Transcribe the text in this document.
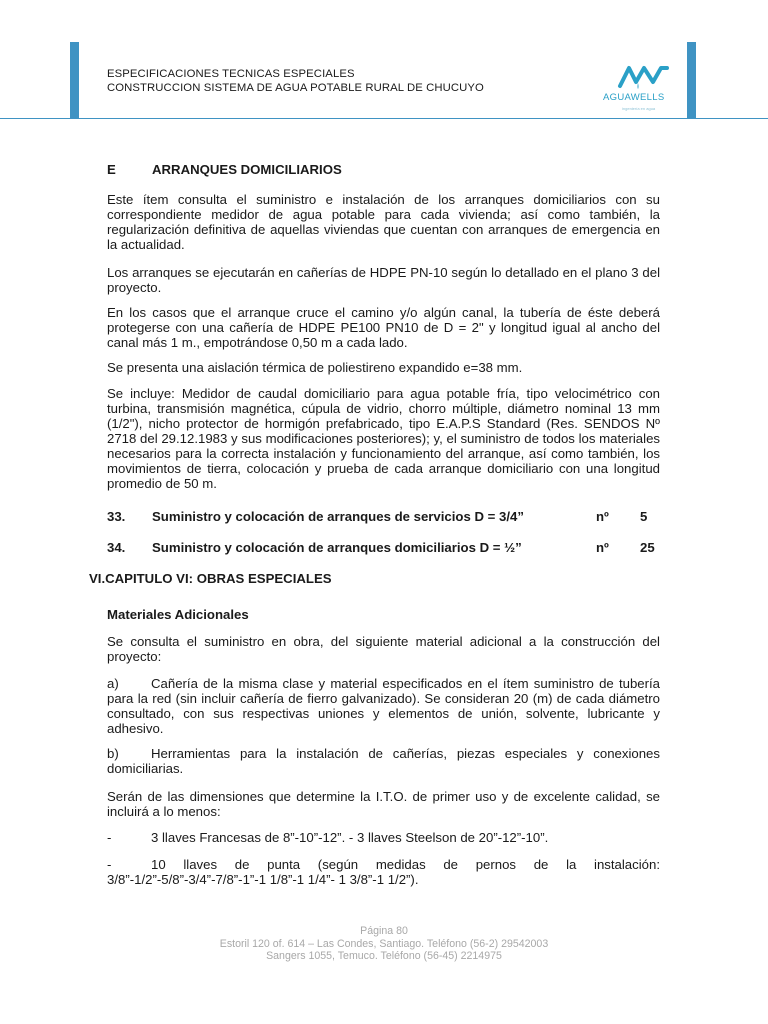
ESPECIFICACIONES TECNICAS ESPECIALES
CONSTRUCCION SISTEMA DE AGUA POTABLE RURAL DE CHUCUYO
AGUAWELLS
ingeniería en agua
E	ARRANQUES DOMICILIARIOS

Este ítem consulta el suministro e instalación de los arranques domiciliarios con su correspondiente medidor de agua potable para cada vivienda; así como también, la regularización definitiva de aquellas viviendas que cuentan con arranques de emergencia en la actualidad.

Los arranques se ejecutarán en cañerías de HDPE PN-10 según lo detallado en el plano 3 del proyecto.

En los casos que el arranque cruce el camino y/o algún canal, la tubería de éste deberá protegerse con una cañería de HDPE PE100 PN10 de D = 2" y longitud igual al ancho del canal más 1 m., empotrándose 0,50 m a cada lado.

Se presenta una aislación térmica de poliestireno expandido e=38 mm.

Se incluye: Medidor de caudal domiciliario para agua potable fría, tipo velocimétrico con turbina, transmisión magnética, cúpula de vidrio, chorro múltiple, diámetro nominal 13 mm (1/2"), nicho protector de hormigón prefabricado, tipo E.A.P.S Standard (Res. SENDOS Nº 2718 del 29.12.1983 y sus modificaciones posteriores); y, el suministro de todos los materiales necesarios para la correcta instalación y funcionamiento del arranque, así como también, los movimientos de tierra, colocación y prueba de cada arranque domiciliario con una longitud promedio de 50 m.

33. Suministro y colocación de arranques de servicios D = 3/4”	nº 5
34. Suministro y colocación de arranques domiciliarios D = ½”	nº 25
VI.CAPITULO VI: OBRAS ESPECIALES
Materiales Adicionales

Se consulta el suministro en obra, del siguiente material adicional a la construcción del proyecto:

a)	Cañería de la misma clase y material especificados en el ítem suministro de tubería para la red (sin incluir cañería de fierro galvanizado). Se consideran 20 (m) de cada diámetro consultado, con sus respectivas uniones y elementos de unión, solvente, lubricante y adhesivo.

b)	Herramientas para la instalación de cañerías, piezas especiales y conexiones domiciliarias.

Serán de las dimensiones que determine la I.T.O. de primer uso y de excelente calidad, se incluirá a lo menos:

-	3 llaves Francesas de 8”-10”-12”. - 3 llaves Steelson de 20”-12”-10”.

-	10 llaves de punta (según medidas de pernos de la instalación: 3/8”-1/2”-5/8”-3/4”-7/8”-1”-1 1/8”-1 1/4”- 1 3/8”-1 1/2”).

Página 80
Estoril 120 of. 614 – Las Condes, Santiago. Teléfono (56-2) 29542003
Sangers 1055, Temuco. Teléfono (56-45) 2214975
